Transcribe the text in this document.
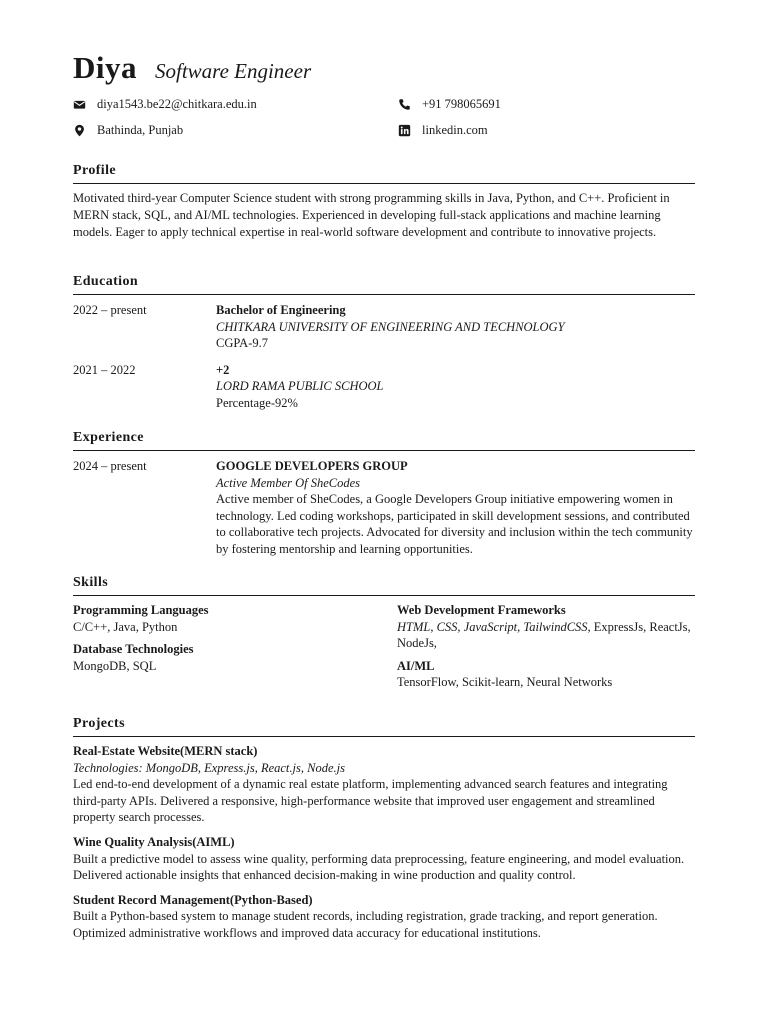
Diya Software Engineer
diya1543.be22@chitkara.edu.in	+91 798065691
Bathinda, Punjab	linkedin.com
Profile
Motivated third-year Computer Science student with strong programming skills in Java, Python, and C++. Proficient in MERN stack, SQL, and AI/ML technologies. Experienced in developing full-stack applications and machine learning models. Eager to apply technical expertise in real-world software development and contribute to innovative projects.
Education
2022 – present	Bachelor of Engineering
CHITKARA UNIVERSITY OF ENGINEERING AND TECHNOLOGY
CGPA-9.7
2021 – 2022	+2
LORD RAMA PUBLIC SCHOOL
Percentage-92%
Experience
2024 – present	GOOGLE DEVELOPERS GROUP
Active Member Of SheCodes
Active member of SheCodes, a Google Developers Group initiative empowering women in technology. Led coding workshops, participated in skill development sessions, and contributed to collaborative tech projects. Advocated for diversity and inclusion within the tech community by fostering mentorship and learning opportunities.
Skills
Programming Languages
C/C++, Java, Python
Database Technologies
MongoDB, SQL
Web Development Frameworks
HTML, CSS, JavaScript, TailwindCSS, ExpressJs, ReactJs, NodeJs,
AI/ML
TensorFlow, Scikit-learn, Neural Networks
Projects
Real-Estate Website(MERN stack)
Technologies: MongoDB, Express.js, React.js, Node.js
Led end-to-end development of a dynamic real estate platform, implementing advanced search features and integrating third-party APIs. Delivered a responsive, high-performance website that improved user engagement and streamlined property search processes.
Wine Quality Analysis(AIML)
Built a predictive model to assess wine quality, performing data preprocessing, feature engineering, and model evaluation. Delivered actionable insights that enhanced decision-making in wine production and quality control.
Student Record Management(Python-Based)
Built a Python-based system to manage student records, including registration, grade tracking, and report generation. Optimized administrative workflows and improved data accuracy for educational institutions.
